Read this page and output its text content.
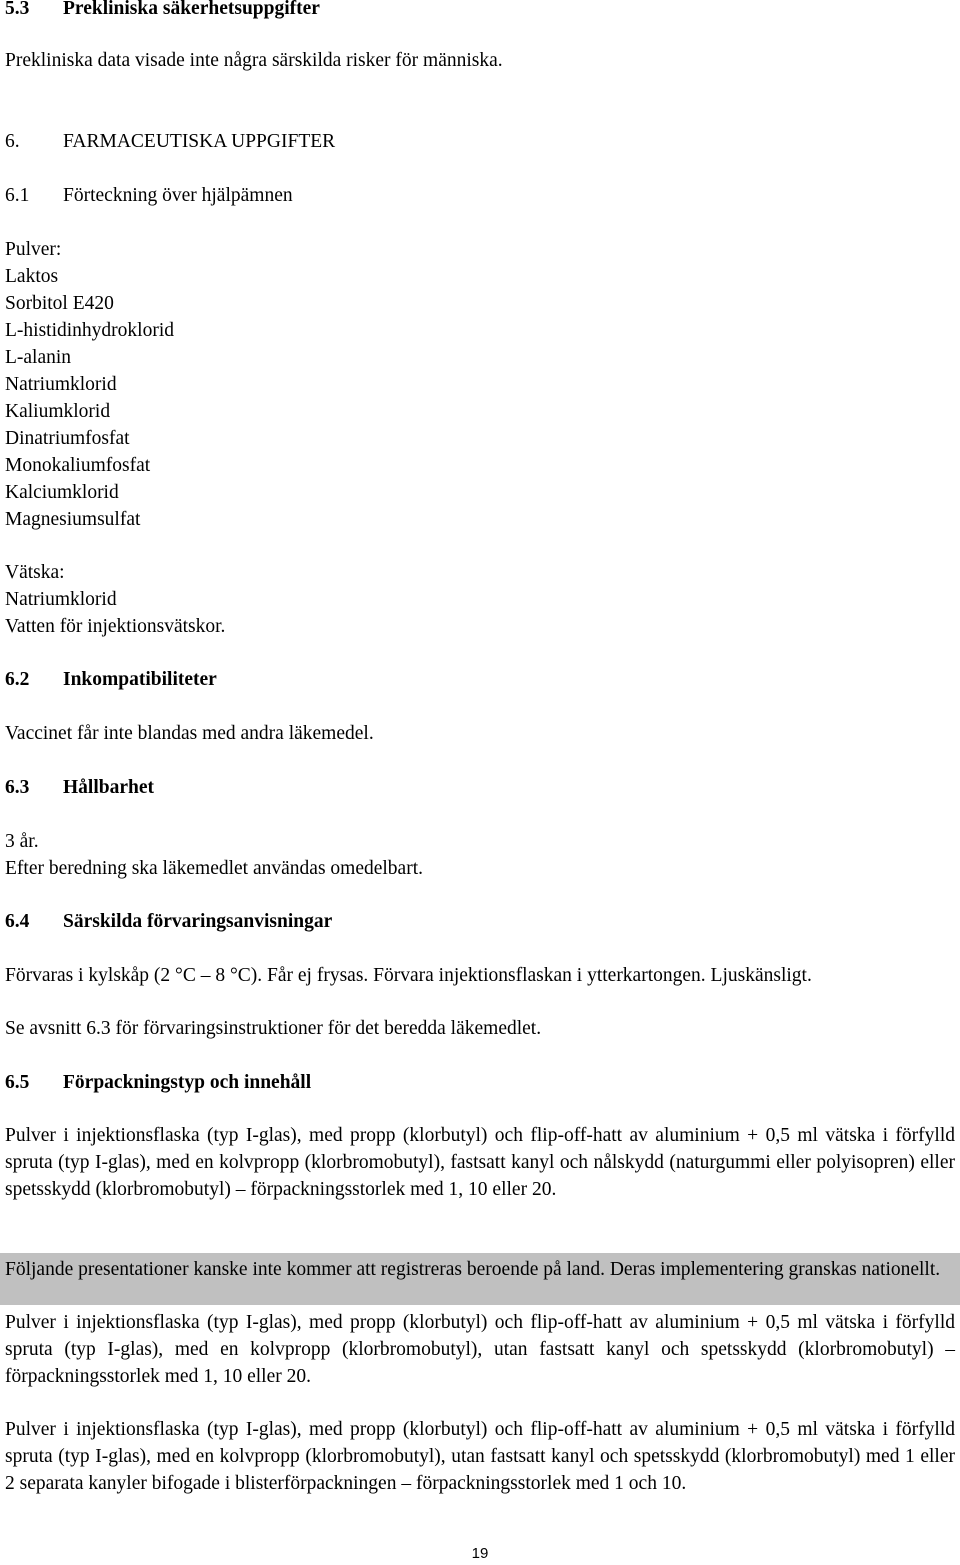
5.3 Prekliniska säkerhetsuppgifter
Prekliniska data visade inte några särskilda risker för människa.
6. FARMACEUTISKA UPPGIFTER
6.1 Förteckning över hjälpämnen
Pulver:
Laktos
Sorbitol E420
L-histidinhydroklorid
L-alanin
Natriumklorid
Kaliumklorid
Dinatriumfosfat
Monokaliumfosfat
Kalciumklorid
Magnesiumsulfat
Vätska:
Natriumklorid
Vatten för injektionsvätskor.
6.2 Inkompatibiliteter
Vaccinet får inte blandas med andra läkemedel.
6.3 Hållbarhet
3 år.
Efter beredning ska läkemedlet användas omedelbart.
6.4 Särskilda förvaringsanvisningar
Förvaras i kylskåp (2 °C – 8 °C). Får ej frysas. Förvara injektionsflaskan i ytterkartongen. Ljuskänsligt.
Se avsnitt 6.3 för förvaringsinstruktioner för det beredda läkemedlet.
6.5 Förpackningstyp och innehåll
Pulver i injektionsflaska (typ I-glas), med propp (klorbutyl) och flip-off-hatt av aluminium + 0,5 ml vätska i förfylld spruta (typ I-glas), med en kolvpropp (klorbromobutyl), fastsatt kanyl och nålskydd (naturgummi eller polyisopren) eller spetsskydd (klorbromobutyl) – förpackningsstorlek med 1, 10 eller 20.
Följande presentationer kanske inte kommer att registreras beroende på land. Deras implementering granskas nationellt.
Pulver i injektionsflaska (typ I-glas), med propp (klorbutyl) och flip-off-hatt av aluminium + 0,5 ml vätska i förfylld spruta (typ I-glas), med en kolvpropp (klorbromobutyl), utan fastsatt kanyl och spetsskydd (klorbromobutyl) – förpackningsstorlek med 1, 10 eller 20.
Pulver i injektionsflaska (typ I-glas), med propp (klorbutyl) och flip-off-hatt av aluminium + 0,5 ml vätska i förfylld spruta (typ I-glas), med en kolvpropp (klorbromobutyl), utan fastsatt kanyl och spetsskydd (klorbromobutyl) med 1 eller 2 separata kanyler bifogade i blisterförpackningen – förpackningsstorlek med 1 och 10.
19
